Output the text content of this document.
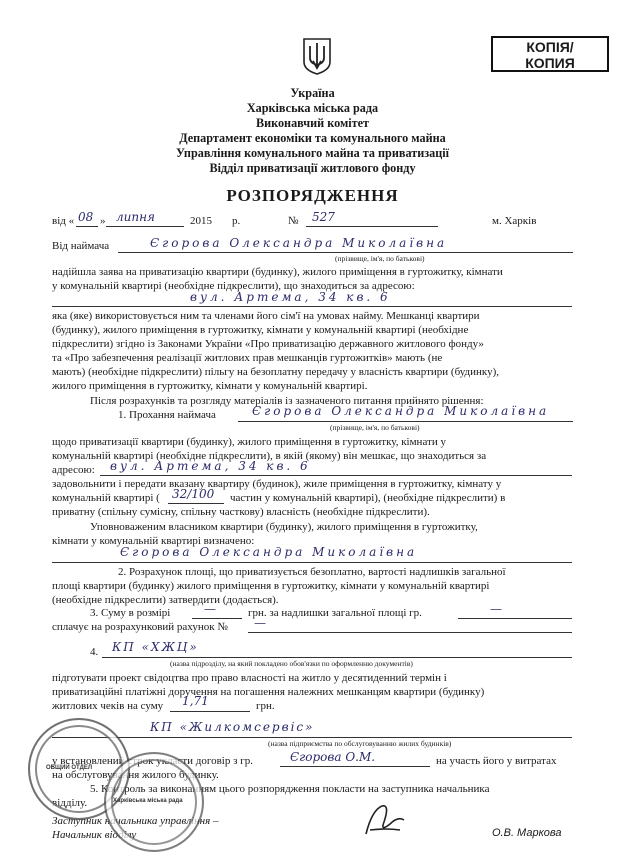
КОПІЯ/
КОПИЯ
Україна
Харківська міська рада
Виконавчий комітет
Департамент економіки та комунального майна
Управління комунального майна та приватизації
Відділ приватизації житлового фонду
РОЗПОРЯДЖЕННЯ
від « 08 » липня	2015 р.	№ 527	м. Харків
Від наймача	Єгорова Олександра Миколаївна
(прізвище, ім'я, по батькові)
надійшла заява на приватизацію квартири (будинку), жилого приміщення в гуртожитку, кімнати
у комунальній квартирі (необхідне підкреслити), що знаходиться за адресою:
вул. Артема, 34 кв. 6
яка (яке) використовується ним та членами його сім'ї на умовах найму. Мешканці квартири
(будинку), жилого приміщення в гуртожитку, кімнати у комунальній квартирі (необхідне
підкреслити) згідно із Законами України «Про приватизацію державного житлового фонду»
та «Про забезпечення реалізації житлових прав мешканців гуртожитків» мають (не
мають) (необхідне підкреслити) пільгу на безоплатну передачу у власність квартири (будинку),
жилого приміщення в гуртожитку, кімнати у комунальній квартирі.
Після розрахунків та розгляду матеріалів із зазначеного питання прийнято рішення:
1. Прохання наймача	Єгорова Олександра Миколаївна
(прізвище, ім'я, по батькові)
щодо приватизації квартири (будинку), жилого приміщення в гуртожитку, кімнати у
комунальній квартирі (необхідне підкреслити), в якій (якому) він мешкає, що знаходиться за
адресою: вул. Артема, 34 кв. 6
задовольнити і передати вказану квартиру (будинок), жиле приміщення в гуртожитку, кімнату у
комунальній квартирі ( 32/100 частин у комунальній квартирі), (необхідне підкреслити) в
приватну (спільну сумісну, спільну часткову) власність (необхідне підкреслити).
Уповноваженим власником квартири (будинку), жилого приміщення в гуртожитку,
кімнати у комунальній квартирі визначено:
Єгорова Олександра Миколаївна
2. Розрахунок площі, що приватизується безоплатно, вартості надлишків загальної
площі квартири (будинку) жилого приміщення в гуртожитку, кімнати у комунальній квартирі
(необхідне підкреслити) затвердити (додається).
3. Суму в розмірі	—	грн. за надлишки загальної площі гр.	—
сплачує на розрахунковий рахунок № —
4. КП «ХЖЦ»
(назва підрозділу, на який покладено обов'язки по оформленню документів)
підготувати проект свідоцтва про право власності на житло у десятиденний термін і
приватизаційні платіжні доручення на погашення належних мешканцям квартири (будинку)
житлових чеків на суму 1,71	грн.
КП «Жилкомсервіс»
(назва підприємства по обслуговуванню жилих будинків)
у встановлений строк укласти договір з гр.	Єгорова О.М.	на участь його у витратах
на обслуговування жилого будинку.
5. Контроль за виконанням цього розпорядження покласти на заступника начальника
відділу.
Заступник начальника управління –
Начальник відділу	О.В. Маркова
ОБЩИЙ ОТДЕЛ
Харківська міська рада
